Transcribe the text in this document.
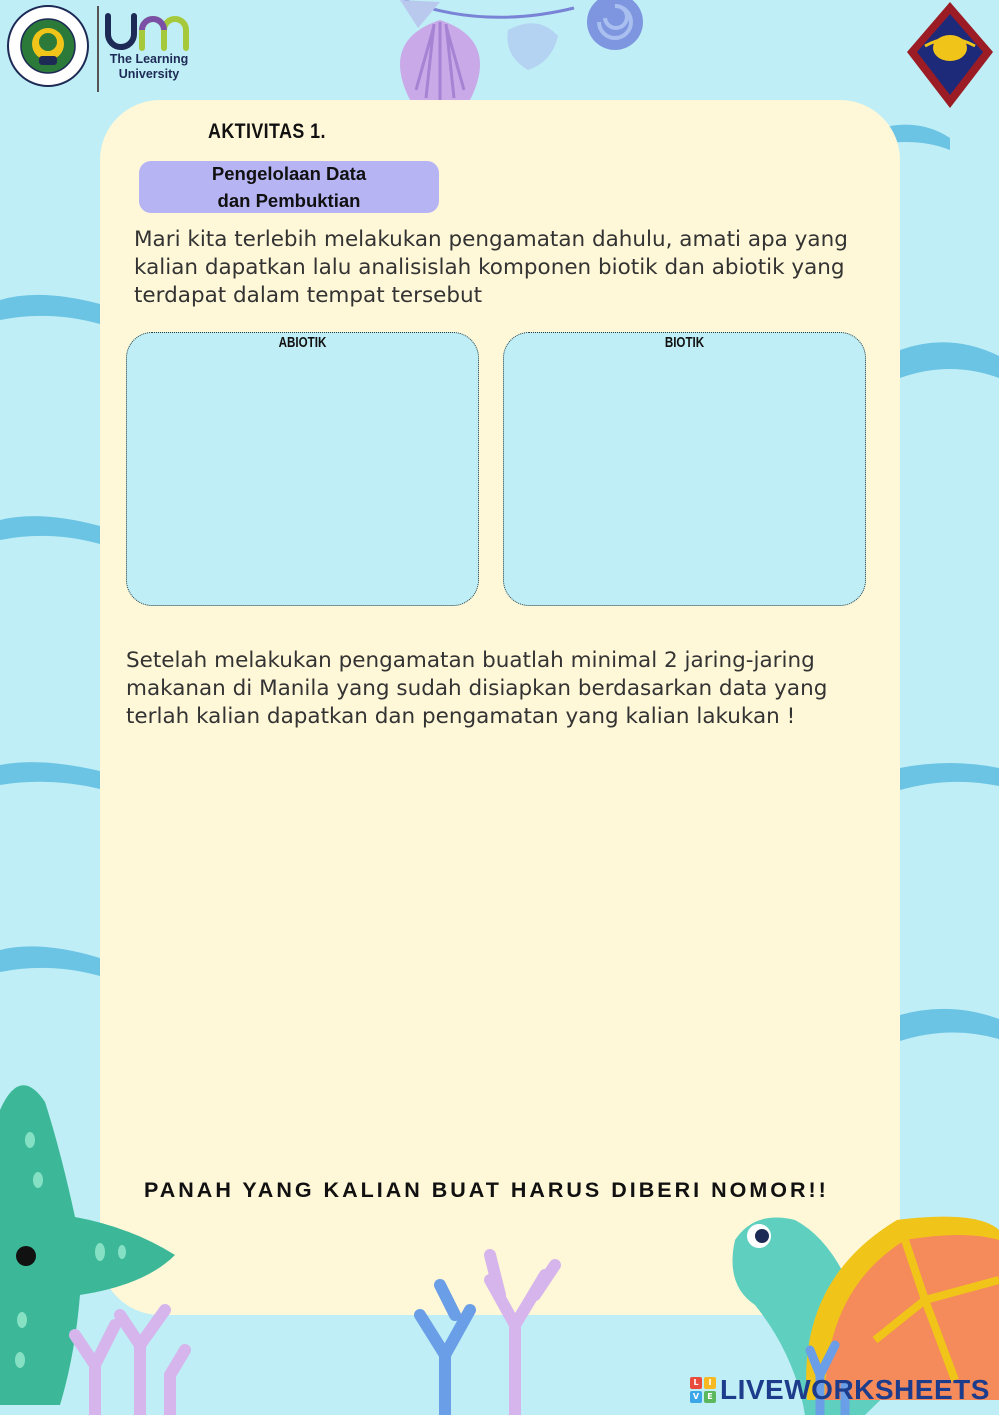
The Learning University
AKTIVITAS 1.
Pengelolaan Data
dan Pembuktian
Mari kita terlebih melakukan pengamatan dahulu, amati apa yang kalian dapatkan lalu analisislah komponen biotik dan abiotik yang terdapat dalam tempat tersebut
ABIOTIK	BIOTIK
Setelah melakukan pengamatan buatlah minimal 2 jaring-jaring makanan di Manila yang sudah disiapkan berdasarkan data yang terlah kalian dapatkan dan pengamatan yang kalian lakukan !
PANAH YANG KALIAN BUAT HARUS DIBERI NOMOR!!
L	I
V	E LIVEWORKSHEETS
